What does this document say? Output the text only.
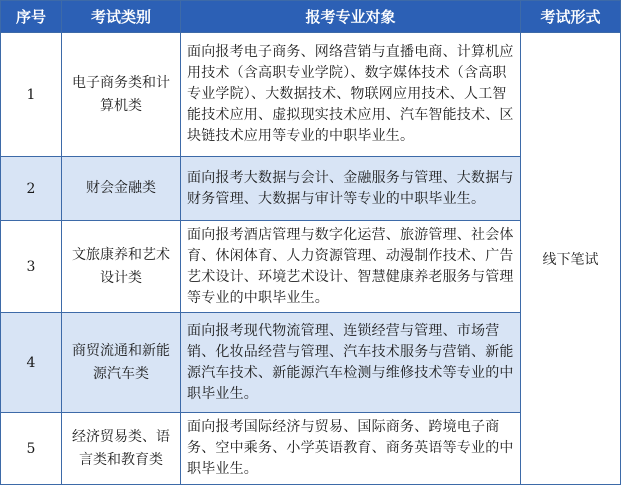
序号	考试类别	报考专业对象	考试形式
1	电子商务类和计算机类	面向报考电子商务、网络营销与直播电商、计算机应用技术（含高职专业学院）、数字媒体技术（含高职专业学院）、大数据技术、物联网应用技术、人工智能技术应用、虚拟现实技术应用、汽车智能技术、区块链技术应用等专业的中职毕业生。	线下笔试
2	财会金融类	面向报考大数据与会计、金融服务与管理、大数据与财务管理、大数据与审计等专业的中职毕业生。	
3	文旅康养和艺术设计类	面向报考酒店管理与数字化运营、旅游管理、社会体育、休闲体育、人力资源管理、动漫制作技术、广告艺术设计、环境艺术设计、智慧健康养老服务与管理等专业的中职毕业生。	
4	商贸流通和新能源汽车类	面向报考现代物流管理、连锁经营与管理、市场营销、化妆品经营与管理、汽车技术服务与营销、新能源汽车技术、新能源汽车检测与维修技术等专业的中职毕业生。	
5	经济贸易类、语言类和教育类	面向报考国际经济与贸易、国际商务、跨境电子商务、空中乘务、小学英语教育、商务英语等专业的中职毕业生。	
